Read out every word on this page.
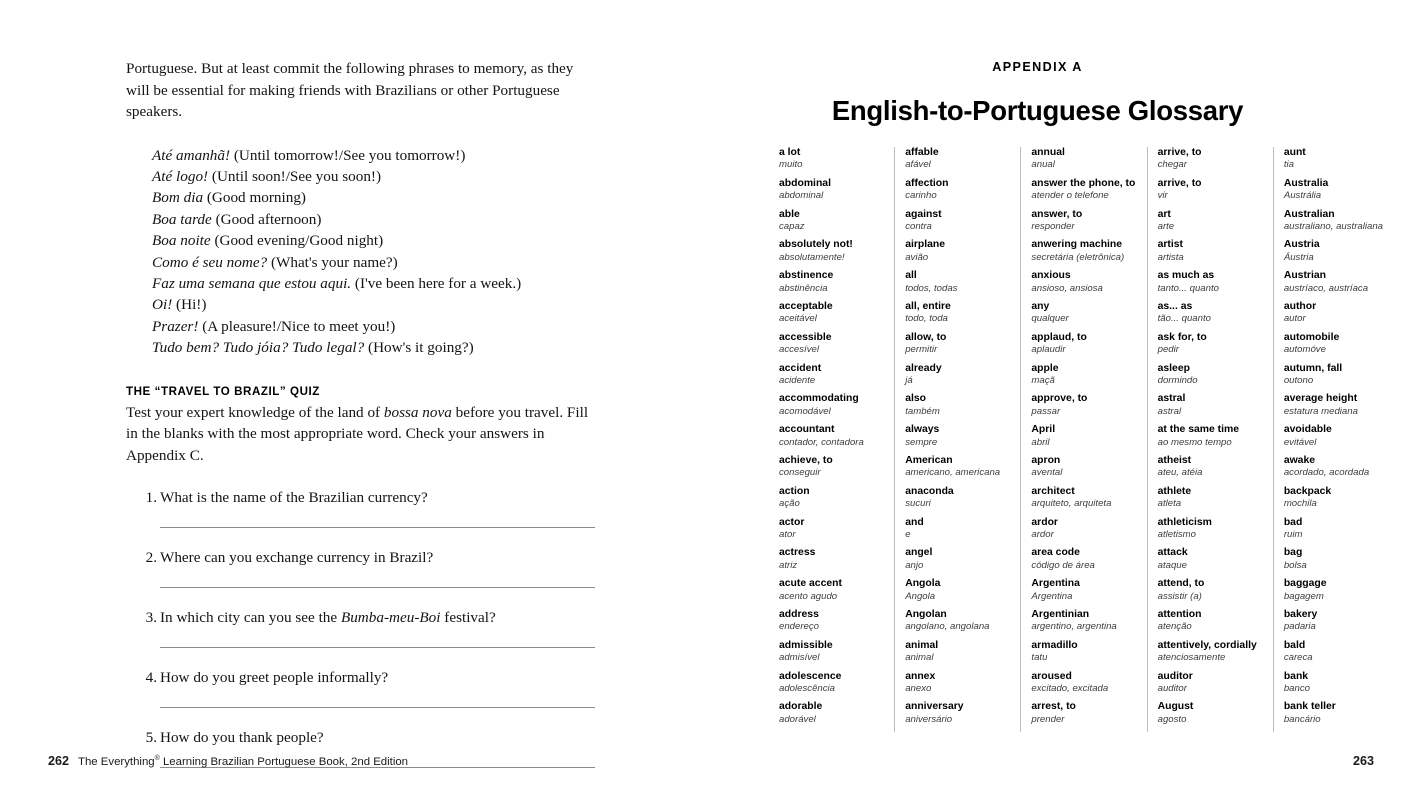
Portuguese. But at least commit the following phrases to memory, as they will be essential for making friends with Brazilians or other Portuguese speakers.

Até amanhã! (Until tomorrow!/See you tomorrow!)
Até logo! (Until soon!/See you soon!)
Bom dia (Good morning)
Boa tarde (Good afternoon)
Boa noite (Good evening/Good night)
Como é seu nome? (What's your name?)
Faz uma semana que estou aqui. (I've been here for a week.)
Oi! (Hi!)
Prazer! (A pleasure!/Nice to meet you!)
Tudo bem? Tudo jóia? Tudo legal? (How's it going?)
THE “TRAVEL TO BRAZIL” QUIZ

Test your expert knowledge of the land of bossa nova before you travel. Fill in the blanks with the most appropriate word. Check your answers in Appendix C.

1. What is the name of the Brazilian currency?
2. Where can you exchange currency in Brazil?
3. In which city can you see the Bumba-meu-Boi festival?
4. How do you greet people informally?
5. How do you thank people?
262 The Everything® Learning Brazilian Portuguese Book, 2nd Edition
APPENDIX A
English-to-Portuguese Glossary
a lot
muito
abdominal
abdominal
able
capaz
absolutely not!
absolutamente!
abstinence
abstinência
acceptable
aceitável
accessible
accesível
accident
acidente
accommodating
acomodável
accountant
contador, contadora
achieve, to
conseguir
action
ação
actor
ator
actress
atriz
acute accent
acento agudo
address
endereço
admissible
admisível
adolescence
adolescência
adorable
adorável
affable
afável
affection
carinho
against
contra
airplane
avião
all
todos, todas
all, entire
todo, toda
allow, to
permitir
already
já
also
também
always
sempre
American
americano, americana
anaconda
sucuri
and
e
angel
anjo
Angola
Angola
Angolan
angolano, angolana
animal
animal
annex
anexo
anniversary
aniversário
annual
anual
answer the phone, to
atender o telefone
answer, to
responder
anwering machine
secretária (eletrônica)
anxious
ansioso, ansiosa
any
qualquer
applaud, to
aplaudir
apple
maçã
approve, to
passar
April
abril
apron
avental
architect
arquiteto, arquiteta
ardor
ardor
area code
código de área
Argentina
Argentina
Argentinian
argentino, argentina
armadillo
tatu
aroused
excitado, excitada
arrest, to
prender
arrive, to
chegar
arrive, to
vir
art
arte
artist
artista
as much as
tanto... quanto
as... as
tão... quanto
ask for, to
pedir
asleep
dormindo
astral
astral
at the same time
ao mesmo tempo
atheist
ateu, atéia
athlete
atleta
athleticism
atletismo
attack
ataque
attend, to
assistir (a)
attention
atenção
attentively, cordially
atenciosamente
auditor
auditor
August
agosto
aunt
tia
Australia
Austrália
Australian
australiano, australiana
Austria
Áustria
Austrian
austríaco, austríaca
author
autor
automobile
automóve
autumn, fall
outono
average height
estatura mediana
avoidable
evitável
awake
acordado, acordada
backpack
mochila
bad
ruim
bag
bolsa
baggage
bagagem
bakery
padaria
bald
careca
bank
banco
bank teller
bancário
263
